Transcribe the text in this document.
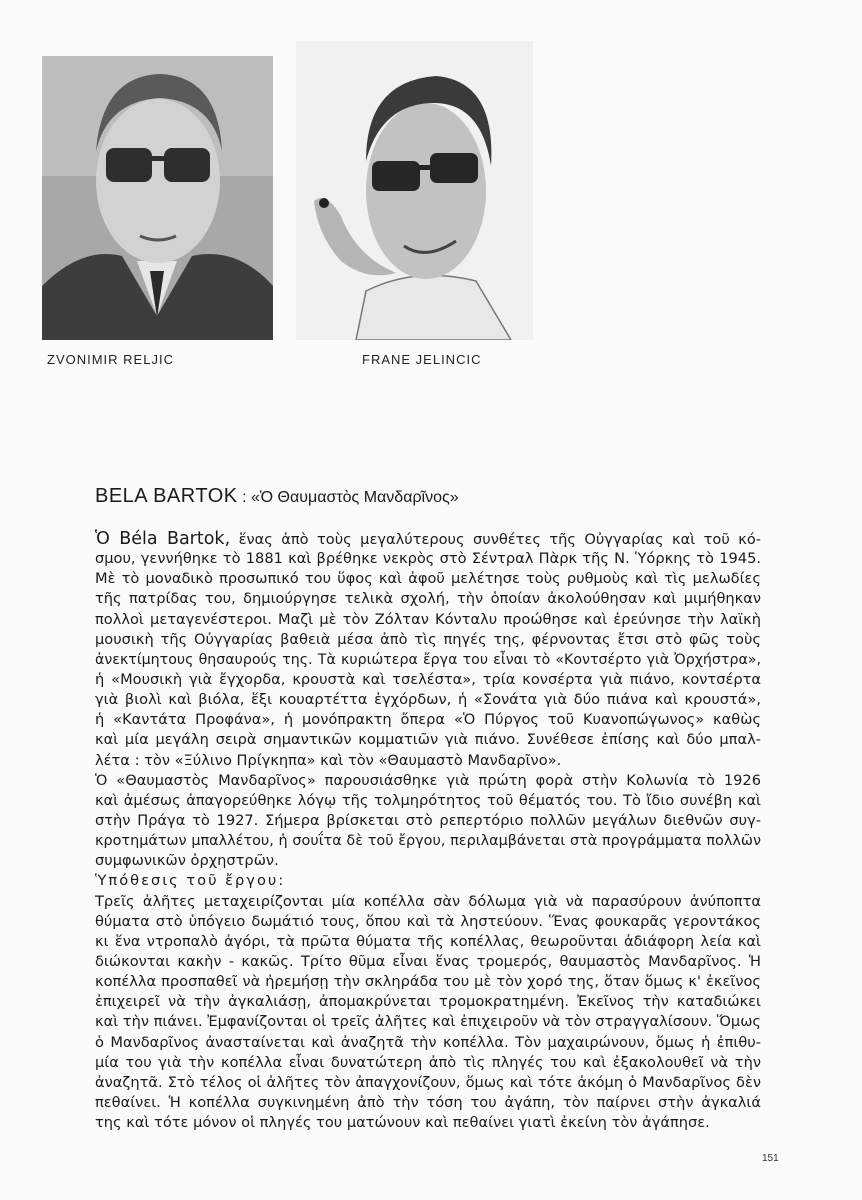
ZVONIMIR RELJIC	FRANE JELINCIC
BELA BARTOK : «Ὁ Θαυμαστὸς Μανδαρῖνος»
Ὁ Béla Bartok, ἕνας ἀπὸ τοὺς μεγαλύτερους συνθέτες τῆς Οὐγγαρίας καὶ τοῦ κό-
σμου, γεννήθηκε τὸ 1881 καὶ βρέθηκε νεκρὸς στὸ Σέντραλ Πὰρκ τῆς Ν. Ὑόρκης τὸ 1945.
Μὲ τὸ μοναδικὸ προσωπικό του ὕφος καὶ ἀφοῦ μελέτησε τοὺς ρυθμοὺς καὶ τὶς μελωδίες
τῆς πατρίδας του, δημιούργησε τελικὰ σχολή, τὴν ὁποίαν ἀκολούθησαν καὶ μιμήθηκαν
πολλοὶ μεταγενέστεροι. Μαζὶ μὲ τὸν Ζόλταν Κόνταλυ προώθησε καὶ ἐρεύνησε τὴν λαϊκὴ
μουσικὴ τῆς Οὐγγαρίας βαθειὰ μέσα ἀπὸ τὶς πηγές της, φέρνοντας ἔτσι στὸ φῶς τοὺς
ἀνεκτίμητους θησαυρούς της. Τὰ κυριώτερα ἔργα του εἶναι τὸ «Κοντσέρτο γιὰ Ὀρχήστρα»,
ἡ «Μουσικὴ γιὰ ἔγχορδα, κρουστὰ καὶ τσελέστα», τρία κονσέρτα γιὰ πιάνο, κοντσέρτα
γιὰ βιολὶ καὶ βιόλα, ἕξι κουαρτέττα ἐγχόρδων, ἡ «Σονάτα γιὰ δύο πιάνα καὶ κρουστά»,
ἡ «Καντάτα Προφάνα», ἡ μονόπρακτη ὄπερα «Ὁ Πύργος τοῦ Κυανοπώγωνος» καθὼς
καὶ μία μεγάλη σειρὰ σημαντικῶν κομματιῶν γιὰ πιάνο. Συνέθεσε ἐπίσης καὶ δύο μπαλ-
λέτα : τὸν «Ξύλινο Πρίγκηπα» καὶ τὸν «Θαυμαστὸ Μανδαρῖνο».
Ὁ «Θαυμαστὸς Μανδαρῖνος» παρουσιάσθηκε γιὰ πρώτη φορὰ στὴν Κολωνία τὸ 1926
καὶ ἀμέσως ἀπαγορεύθηκε λόγῳ τῆς τολμηρότητος τοῦ θέματός του. Τὸ ἴδιο συνέβη καὶ
στὴν Πράγα τὸ 1927. Σήμερα βρίσκεται στὸ ρεπερτόριο πολλῶν μεγάλων διεθνῶν συγ-
κροτημάτων μπαλλέτου, ἡ σουΐτα δὲ τοῦ ἔργου, περιλαμβάνεται στὰ προγράμματα πολλῶν
συμφωνικῶν ὀρχηστρῶν.
Ὑπόθεσις τοῦ ἔργου:
Τρεῖς ἀλῆτες μεταχειρίζονται μία κοπέλλα σὰν δόλωμα γιὰ νὰ παρασύρουν ἀνύποπτα
θύματα στὸ ὑπόγειο δωμάτιό τους, ὅπου καὶ τὰ ληστεύουν. Ἕνας φουκαρᾶς γεροντάκος
κι ἕνα ντροπαλὸ ἀγόρι, τὰ πρῶτα θύματα τῆς κοπέλλας, θεωροῦνται ἀδιάφορη λεία καὶ
διώκονται κακὴν - κακῶς. Τρίτο θῦμα εἶναι ἕνας τρομερός, θαυμαστὸς Μανδαρῖνος. Ἡ
κοπέλλα προσπαθεῖ νὰ ἠρεμήσῃ τὴν σκληράδα του μὲ τὸν χορό της, ὅταν ὅμως κ' ἐκεῖνος
ἐπιχειρεῖ νὰ τὴν ἀγκαλιάσῃ, ἀπομακρύνεται τρομοκρατημένη. Ἐκεῖνος τὴν καταδιώκει
καὶ τὴν πιάνει. Ἐμφανίζονται οἱ τρεῖς ἀλῆτες καὶ ἐπιχειροῦν νὰ τὸν στραγγαλίσουν. Ὅμως
ὁ Μανδαρῖνος ἀνασταίνεται καὶ ἀναζητᾶ τὴν κοπέλλα. Τὸν μαχαιρώνουν, ὅμως ἡ ἐπιθυ-
μία του γιὰ τὴν κοπέλλα εἶναι δυνατώτερη ἀπὸ τὶς πληγές του καὶ ἐξακολουθεῖ νὰ τὴν
ἀναζητᾶ. Στὸ τέλος οἱ ἀλῆτες τὸν ἀπαγχονίζουν, ὅμως καὶ τότε ἀκόμη ὁ Μανδαρῖνος δὲν
πεθαίνει. Ἡ κοπέλλα συγκινημένη ἀπὸ τὴν τόση του ἀγάπη, τὸν παίρνει στὴν ἀγκαλιά
της καὶ τότε μόνον οἱ πληγές του ματώνουν καὶ πεθαίνει γιατὶ ἐκείνη τὸν ἀγάπησε.
151
